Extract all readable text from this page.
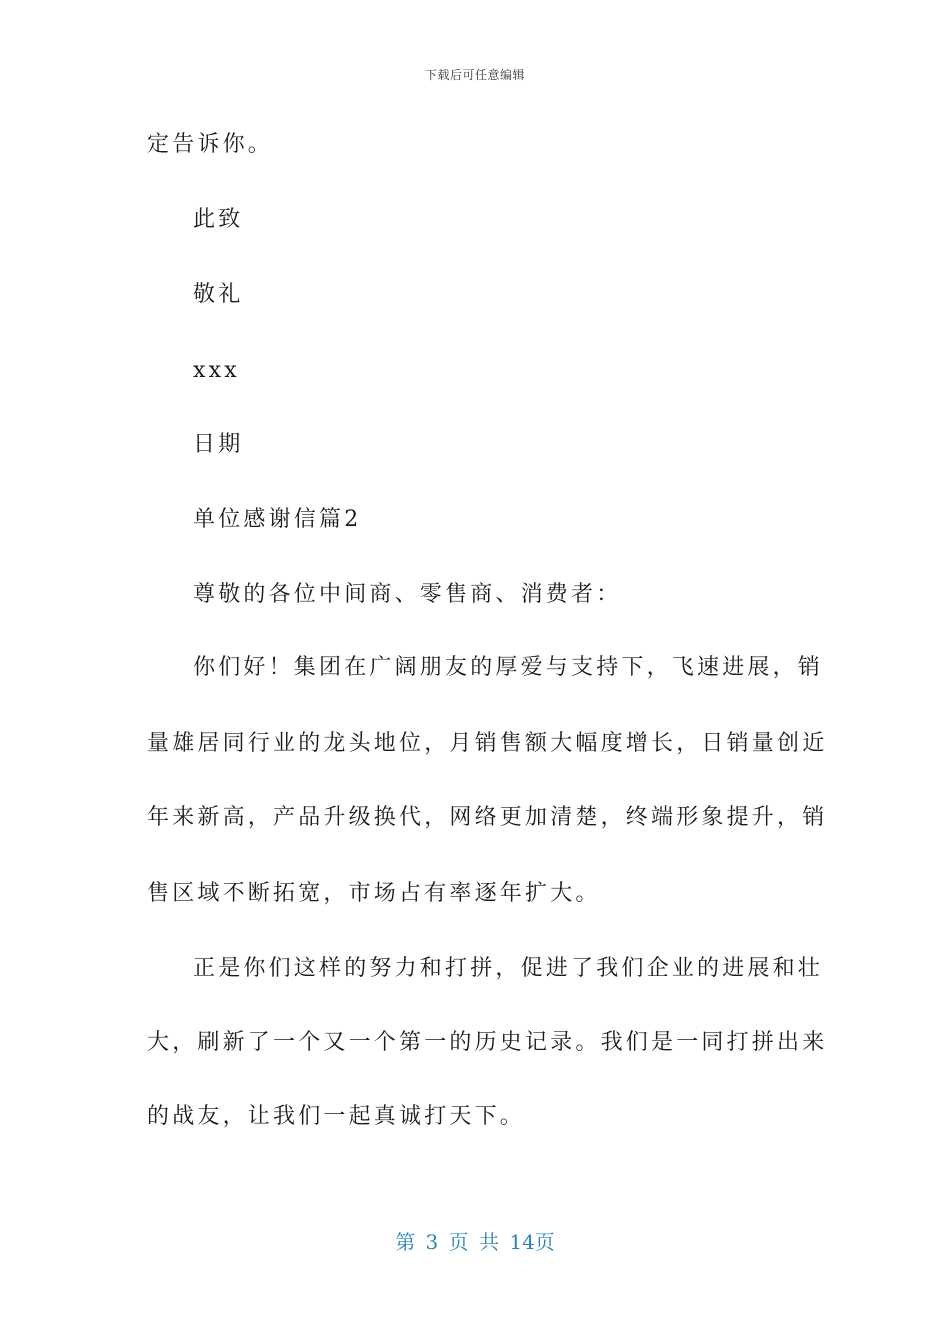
下载后可任意编辑
定告诉你。
此致
敬礼
xxx
日期
单位感谢信篇2
尊敬的各位中间商、零售商、消费者：
你们好！集团在广阔朋友的厚爱与支持下，飞速进展，销
量雄居同行业的龙头地位，月销售额大幅度增长，日销量创近
年来新高，产品升级换代，网络更加清楚，终端形象提升，销
售区域不断拓宽，市场占有率逐年扩大。
正是你们这样的努力和打拼，促进了我们企业的进展和壮
大，刷新了一个又一个第一的历史记录。我们是一同打拼出来
的战友，让我们一起真诚打天下。
第 3 页 共 14页
